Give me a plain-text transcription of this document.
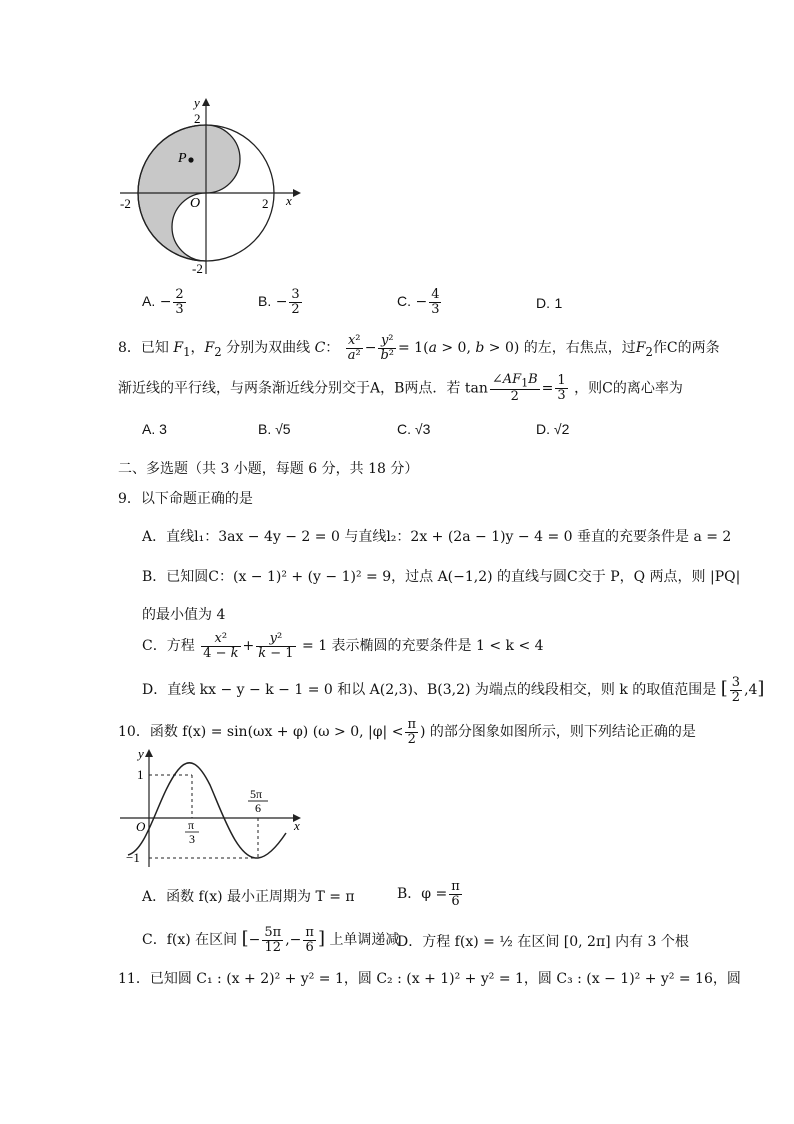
y
x
O
P
2
-2
-2	2
A. − $\frac{2}{3}$	B. − $\frac{3}{2}$	C. − $\frac{4}{3}$	D. 1
8．已知 $F_1$，$F_2$ 分别为双曲线 C： $\frac{\text{x²}}{\text{a²}} - \frac{\text{y²}}{\text{b²}} = 1(a > 0$, b > 0) 的左，右焦点，过$F_2$作C的两条
渐近线的平行线，与两条渐近线分别交于A，B两点．若 $\tan \frac{\angle AF_1B}{2} = \frac{1}{3}$ ，则C的离心率为
A. 3	B. √5	C. √3	D. √2
二、多选题（共 3 小题，每题 6 分，共 18 分）
9．以下命题正确的是
A．直线l₁：3ax − 4y − 2 = 0 与直线l₂：2x + (2a − 1)y − 4 = 0 垂直的充要条件是 a = 2
B．已知圆C：(x − 1)² + (y − 1)² = 9，过点 A(−1,2) 的直线与圆C交于 P，Q 两点，则 |PQ|
的最小值为 4
C．方程 $\frac{\text{x²}}{4 - k} + \frac{\text{y²}}{k - 1} = 1$ 表示椭圆的充要条件是 1 < k < 4
D．直线 kx − y − k − 1 = 0 和以 A(2,3)、B(3,2) 为端点的线段相交，则 k 的取值范围是 [ $\frac{3}{2} ,4$]
10．函数 f(x) = sin(ωx + φ) (ω > 0, $|\varphi| < \frac{\pi}{2}$ ) 的部分图象如图所示，则下列结论正确的是
y
x
O
1
−1
π
3
5π
6
A．函数 f(x) 最小正周期为 T = π	B．$\varphi = \frac{\pi}{6}$
C．f(x) 在区间 [− $\frac{5\pi}{12}$ ,− $\frac{\pi}{6}$ ] 上单调递减
D．方程 f(x) = ½ 在区间 [0, 2π] 内有 3 个根
11．已知圆 C₁ : (x + 2)² + y² = 1，圆 C₂ : (x + 1)² + y² = 1，圆 C₃ : (x − 1)² + y² = 16，圆
